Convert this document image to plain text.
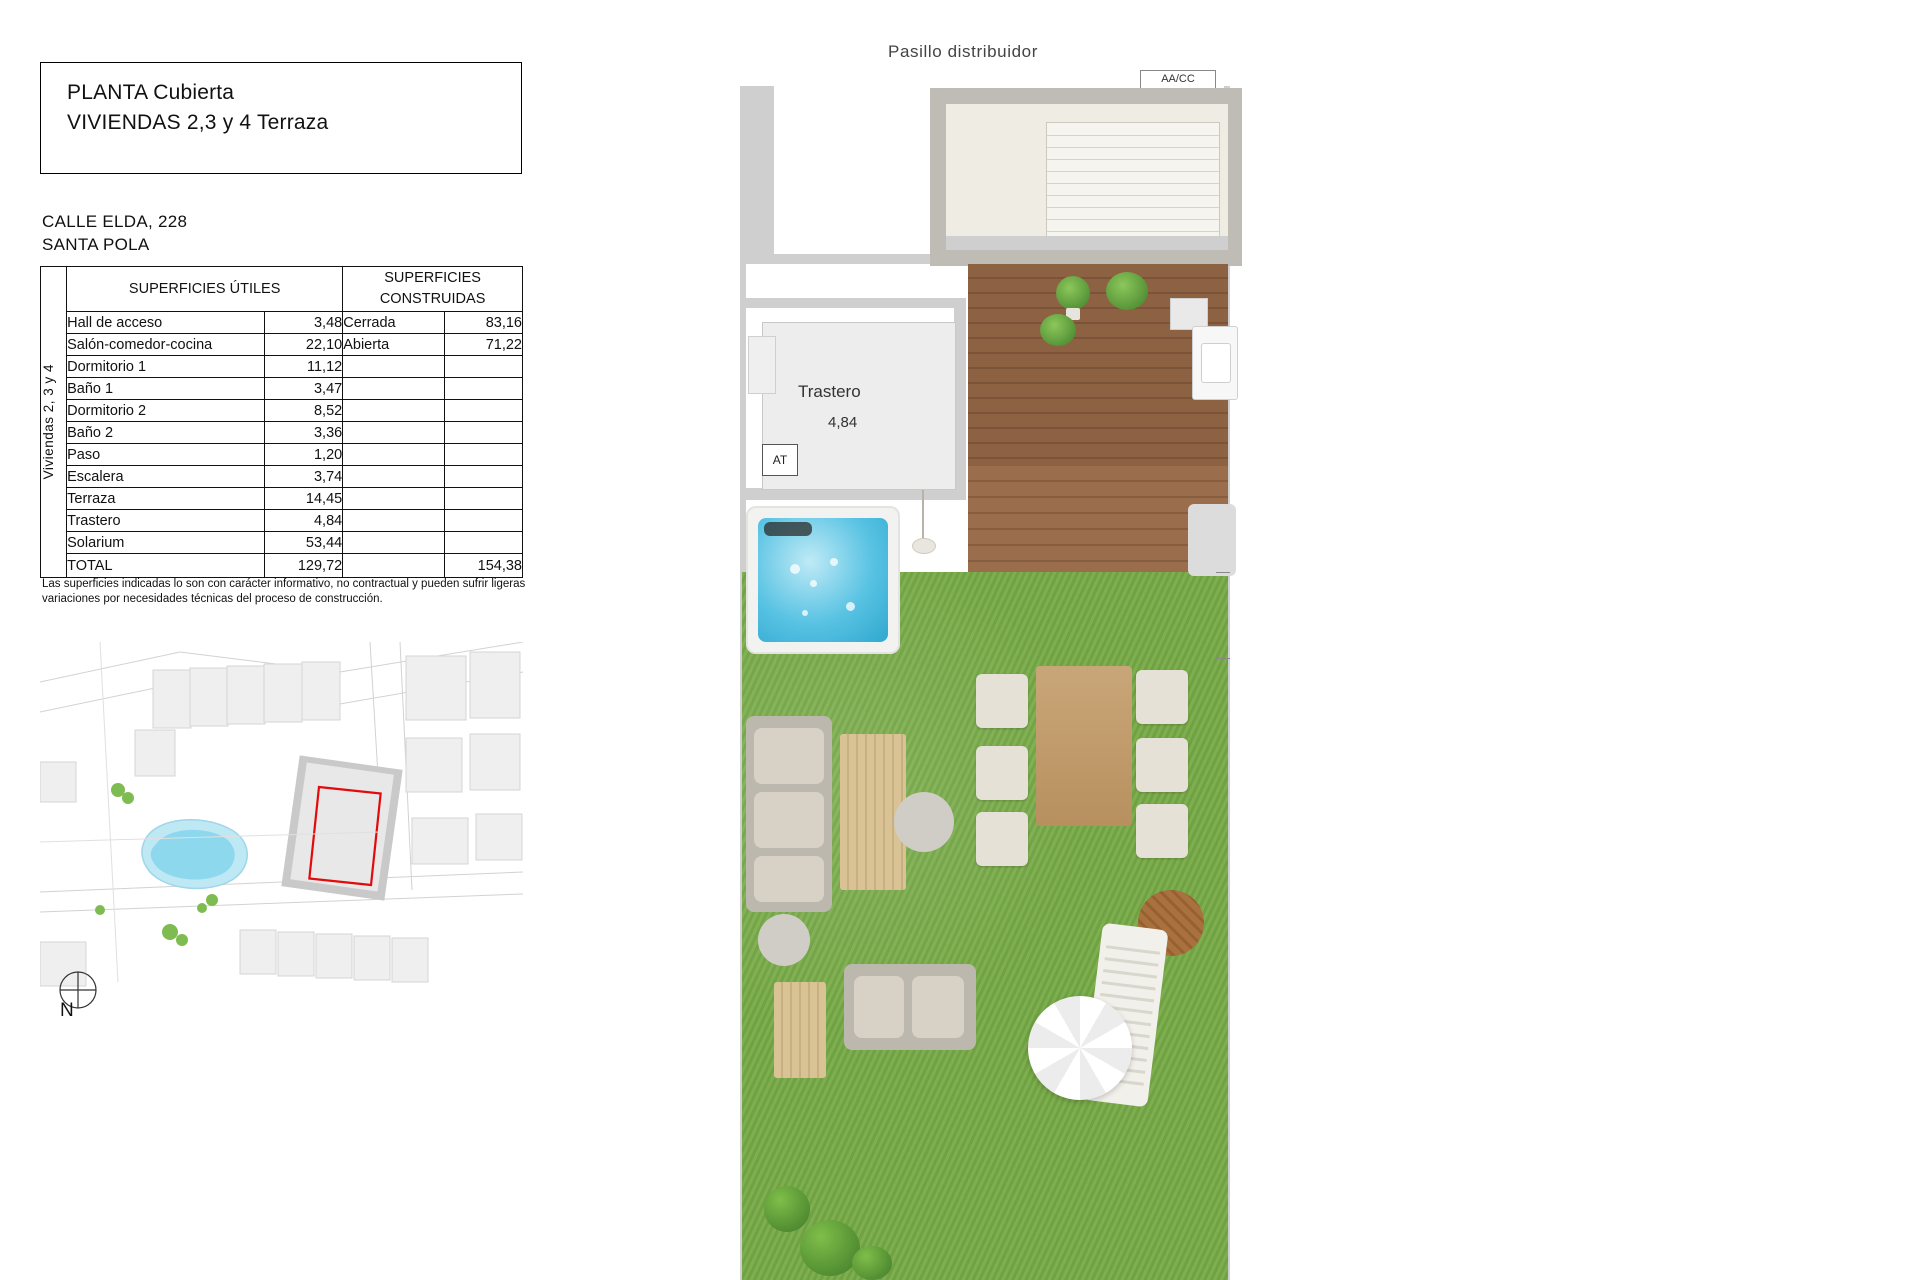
PLANTA Cubierta
VIVIENDAS 2,3 y 4 Terraza
CALLE ELDA, 228
SANTA POLA
Viviendas 2, 3 y 4	SUPERFICIES ÚTILES		SUPERFICIES
CONSTRUIDAS	
	Hall de acceso	3,48	Cerrada	83,16
	Salón-comedor-cocina	22,10	Abierta	71,22
	Dormitorio 1	11,12		
	Baño 1	3,47		
	Dormitorio 2	8,52		
	Baño 2	3,36		
	Paso	1,20		
	Escalera	3,74		
	Terraza	14,45		
	Trastero	4,84		
	Solarium	53,44		
	TOTAL	129,72		154,38
Las superficies indicadas lo son con carácter informativo, no contractual y pueden sufrir ligeras variaciones por necesidades técnicas del proceso de construcción.
N
Pasillo distribuidor
AA/CC
Trastero
4,84
AT
